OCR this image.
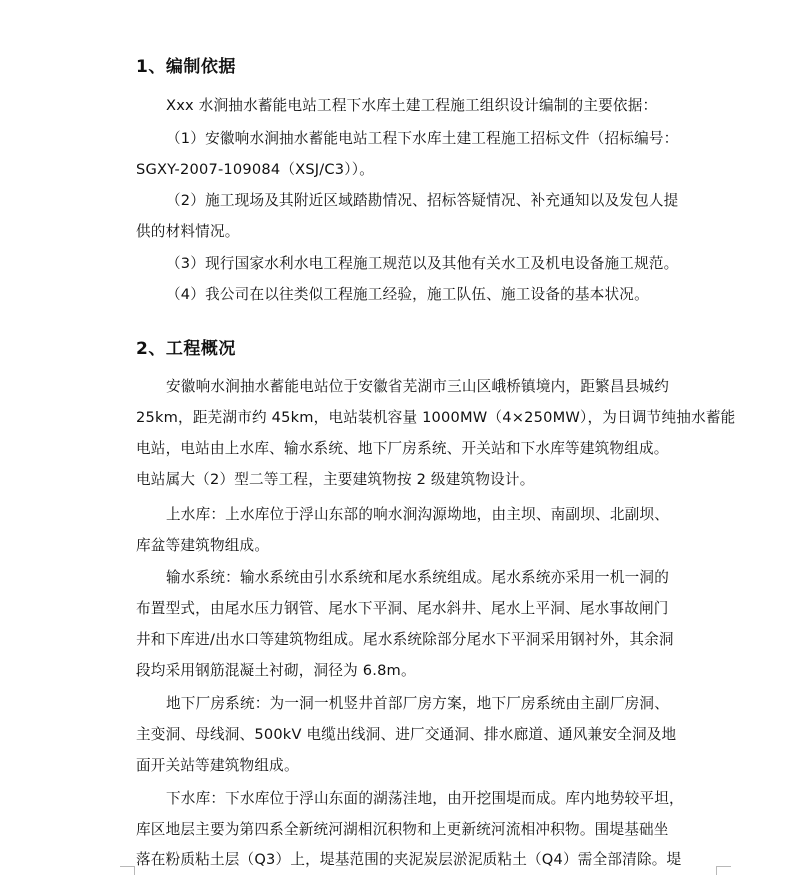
1、编制依据
Xxx 水涧抽水蓄能电站工程下水库土建工程施工组织设计编制的主要依据：
（1）安徽响水涧抽水蓄能电站工程下水库土建工程施工招标文件（招标编号：
SGXY-2007-109084（XSJ/C3））。
（2）施工现场及其附近区域踏勘情况、招标答疑情况、补充通知以及发包人提
供的材料情况。
（3）现行国家水利水电工程施工规范以及其他有关水工及机电设备施工规范。
（4）我公司在以往类似工程施工经验，施工队伍、施工设备的基本状况。
2、工程概况
安徽响水涧抽水蓄能电站位于安徽省芜湖市三山区峨桥镇境内，距繁昌县城约
25km，距芜湖市约 45km，电站装机容量 1000MW（4×250MW），为日调节纯抽水蓄能
电站，电站由上水库、输水系统、地下厂房系统、开关站和下水库等建筑物组成。
电站属大（2）型二等工程，主要建筑物按 2 级建筑物设计。
上水库：上水库位于浮山东部的响水涧沟源坳地，由主坝、南副坝、北副坝、
库盆等建筑物组成。
输水系统：输水系统由引水系统和尾水系统组成。尾水系统亦采用一机一洞的
布置型式，由尾水压力钢管、尾水下平洞、尾水斜井、尾水上平洞、尾水事故闸门
井和下库进/出水口等建筑物组成。尾水系统除部分尾水下平洞采用钢衬外，其余洞
段均采用钢筋混凝土衬砌，洞径为 6.8m。
地下厂房系统：为一洞一机竖井首部厂房方案，地下厂房系统由主副厂房洞、
主变洞、母线洞、500kV 电缆出线洞、进厂交通洞、排水廊道、通风兼安全洞及地
面开关站等建筑物组成。
下水库：下水库位于浮山东面的湖荡洼地，由开挖围堤而成。库内地势较平坦，
库区地层主要为第四系全新统河湖相沉积物和上更新统河流相冲积物。围堤基础坐
落在粉质粘土层（Q3）上，堤基范围的夹泥炭层淤泥质粘土（Q4）需全部清除。堤
